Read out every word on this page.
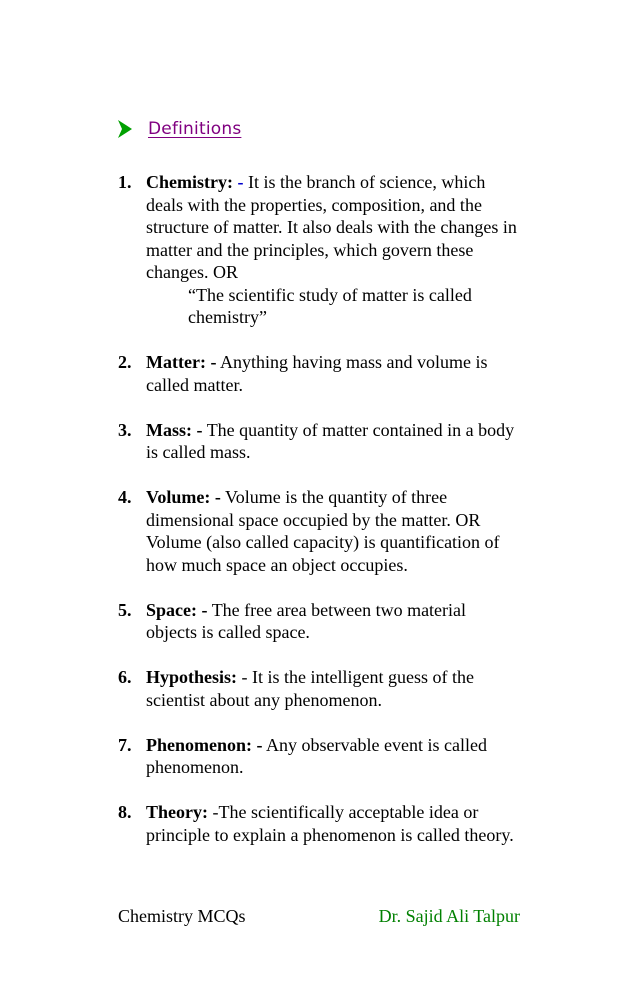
Definitions
1. Chemistry: - It is the branch of science, which deals with the properties, composition, and the structure of matter. It also deals with the changes in matter and the principles, which govern these changes. OR
“The scientific study of matter is called chemistry”
2. Matter: - Anything having mass and volume is called matter.
3. Mass: - The quantity of matter contained in a body is called mass.
4. Volume: - Volume is the quantity of three dimensional space occupied by the matter. OR Volume (also called capacity) is quantification of how much space an object occupies.
5. Space: - The free area between two material objects is called space.
6. Hypothesis: - It is the intelligent guess of the scientist about any phenomenon.
7. Phenomenon: - Any observable event is called phenomenon.
8. Theory: -The scientifically acceptable idea or principle to explain a phenomenon is called theory.
Chemistry MCQs	Dr. Sajid Ali Talpur
